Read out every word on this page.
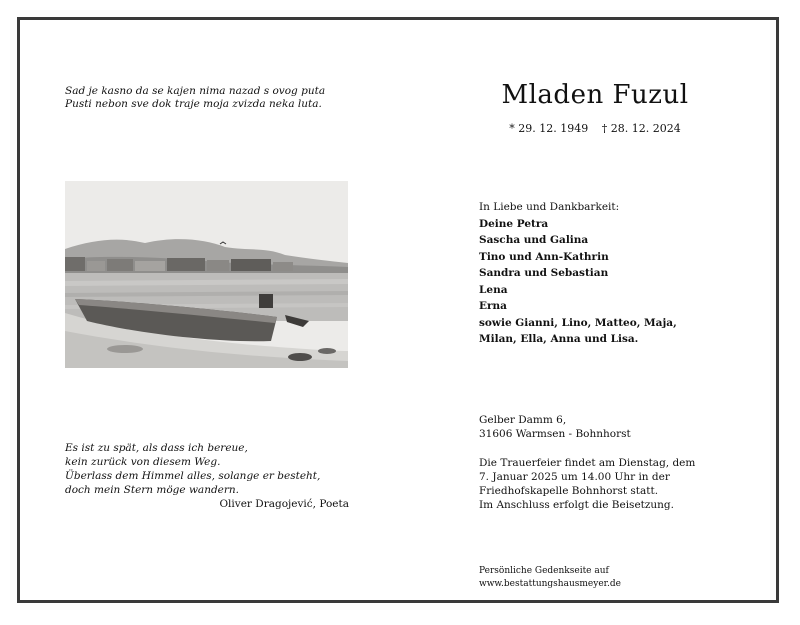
Sad je kasno da se kajen nima nazad s ovog puta
Pusti nebon sve dok traje moja zvizda neka luta.
Es ist zu spät, als dass ich bereue,
kein zurück von diesem Weg.
Überlass dem Himmel alles, solange er besteht,
doch mein Stern möge wandern.
Oliver Dragojević, Poeta
Mladen Fuzul
* 29. 12. 1949 † 28. 12. 2024
In Liebe und Dankbarkeit:
Deine Petra
Sascha und Galina
Tino und Ann-Kathrin
Sandra und Sebastian
Lena
Erna
sowie Gianni, Lino, Matteo, Maja,
Milan, Ella, Anna und Lisa.
Gelber Damm 6,
31606 Warmsen - Bohnhorst
Die Trauerfeier findet am Dienstag, dem
7. Januar 2025 um 14.00 Uhr in der
Friedhofskapelle Bohnhorst statt.
Im Anschluss erfolgt die Beisetzung.
Persönliche Gedenkseite auf
www.bestattungshausmeyer.de
